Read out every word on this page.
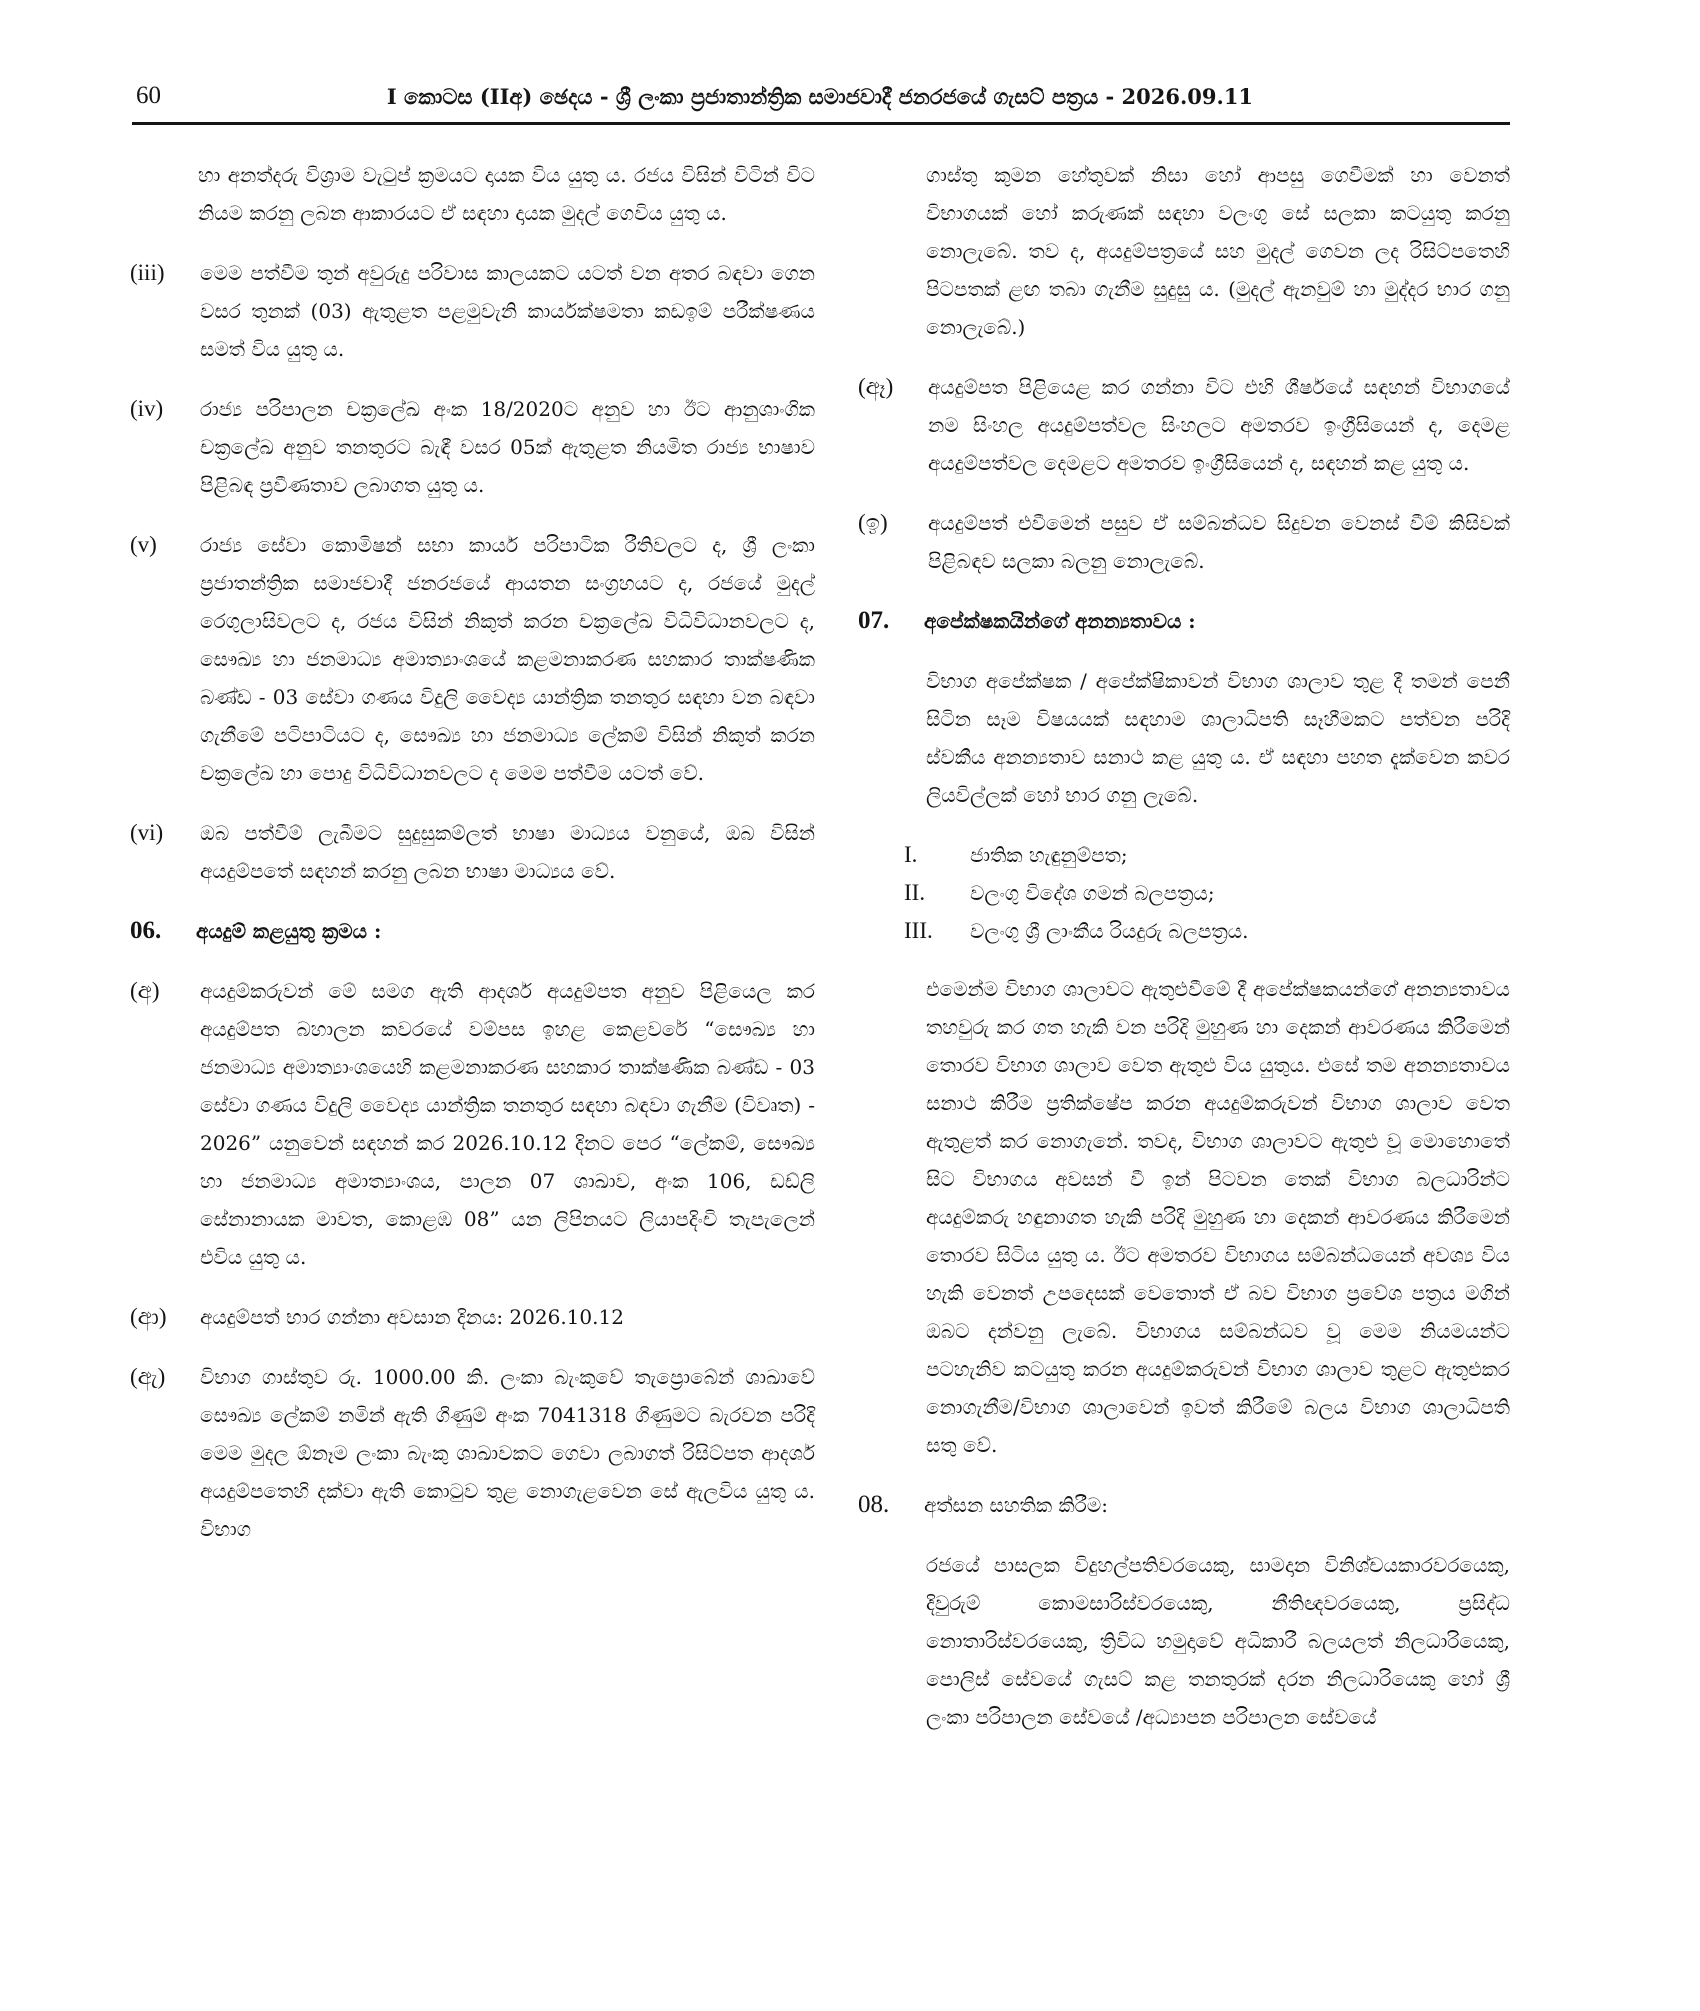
60	I කොටස (IIඅ) ඡෙදය - ශ්‍රී ලංකා ප්‍රජාතාන්ත්‍රික සමාජවාදී ජනරජයේ ගැසට් පත්‍රය - 2026.09.11

හා අනත්දරු විශ්‍රාම වැටුප් ක්‍රමයට දායක විය යුතු ය. රජය විසින් විටින් විට නියම කරනු ලබන ආකාරයට ඒ සඳහා දායක මුදල් ගෙවිය යුතු ය.

(iii)	මෙම පත්වීම තුන් අවුරුදු පරිවාස කාලයකට යටත් වන අතර බඳවා ගෙන වසර තුනක් (03) ඇතුළත පළමුවැනි කාර්යක්ෂමතා කඩඉම් පරීක්ෂණය සමත් විය යුතු ය.
(iv)	රාජ්‍ය පරිපාලන චක්‍රලේඛ අංක 18/2020ට අනුව හා ඊට ආනුශාංගික චක්‍රලේඛ අනුව තනතුරට බැඳී වසර 05ක් ඇතුළත නියමිත රාජ්‍ය භාෂාව පිළිබඳ ප්‍රවීණතාව ලබාගත යුතු ය.
(v)	රාජ්‍ය සේවා කොමිෂන් සභා කාර්ය පරිපාටික රීතිවලට ද, ශ්‍රී ලංකා ප්‍රජාතන්ත්‍රික සමාජවාදී ජනරජයේ ආයතන සංග්‍රහයට ද, රජයේ මුදල් රෙගුලාසිවලට ද, රජය විසින් නිකුත් කරන චක්‍රලේඛ විධිවිධානවලට ද, සෞඛ්‍ය හා ජනමාධ්‍ය අමාත්‍යාංශයේ කළමනාකරණ සහකාර තාක්ෂණික බණ්ඩ - 03 සේවා ගණය විදුලි වෛද්‍ය යාන්ත්‍රික තනතුර සඳහා වන බඳවා ගැනීමේ පටිපාටියට ද, සෞඛ්‍ය හා ජනමාධ්‍ය ලේකම් විසින් නිකුත් කරන චක්‍රලේඛ හා පොදු විධිවිධානවලට ද මෙම පත්වීම යටත් වේ.
(vi)	ඔබ පත්වීම් ලැබීමට සුදුසුකම්ලත් භාෂා මාධ්‍යය වනුයේ, ඔබ විසින් අයදුම්පතේ සඳහන් කරනු ලබන භාෂා මාධ්‍යය වේ.
06.	අයදුම් කළයුතු ක්‍රමය :
(අ)	අයදුම්කරුවන් මේ සමග ඇති ආදර්ශ අයදුම්පත අනුව පිළියෙල කර අයදුම්පත බහාලන කවරයේ වම්පස ඉහළ කෙළවරේ “සෞඛ්‍ය හා ජනමාධ්‍ය අමාත්‍යාංශයෙහි කළමනාකරණ සහකාර තාක්ෂණික බණ්ඩ - 03 සේවා ගණය විදුලි වෛද්‍ය යාන්ත්‍රික තනතුර සඳහා බඳවා ගැනීම (විවෘත) - 2026” යනුවෙන් සඳහන් කර 2026.10.12 දිනට පෙර “ලේකම්, සෞඛ්‍ය හා ජනමාධ්‍ය අමාත්‍යාංශය, පාලන 07 ශාඛාව, අංක 106, ඩඩ්ලි සේනානායක මාවත, කොළඹ 08” යන ලිපිනයට ලියාපදිංචි තැපැලෙන් එවිය යුතු ය.
(ආ)	අයදුම්පත් භාර ගන්නා අවසාන දිනය: 2026.10.12
(ඇ)	විභාග ගාස්තුව රු. 1000.00 කි. ලංකා බැංකුවේ තැප්‍රොබේන් ශාඛාවේ සෞඛ්‍ය ලේකම් නමින් ඇති ගිණුම් අංක 7041318 ගිණුමට බැරවන පරිදි මෙම මුදල ඕනෑම ලංකා බැංකු ශාඛාවකට ගෙවා ලබාගත් රිසිට්පත ආදර්ශ අයදුම්පතෙහි දක්වා ඇති කොටුව තුළ නොගැළවෙන සේ ඇලවිය යුතු ය. විභාග

ගාස්තු කුමන හේතුවක් නිසා හෝ ආපසු ගෙවීමක් හා වෙනත් විභාගයක් හෝ කරුණක් සඳහා වලංගු සේ සලකා කටයුතු කරනු නොලැබේ. තව ද, අයදුම්පත්‍රයේ සහ මුදල් ගෙවන ලද රිසිට්පතෙහි පිටපතක් ළඟ තබා ගැනීම සුදුසු ය. (මුදල් ඇනවුම් හා මුද්දර භාර ගනු නොලැබේ.)

(ඈ)	අයදුම්පත පිළියෙළ කර ගන්නා විට එහි ශීර්ෂයේ සඳහන් විභාගයේ නම සිංහල අයදුම්පත්වල සිංහලට අමතරව ඉංග්‍රීසියෙන් ද, දෙමළ අයදුම්පත්වල දෙමළට අමතරව ඉංග්‍රීසියෙන් ද, සඳහන් කළ යුතු ය.
(ඉ)	අයදුම්පත් එවීමෙන් පසුව ඒ සම්බන්ධව සිදුවන වෙනස් වීම් කිසිවක් පිළිබඳව සලකා බලනු නොලැබේ.
07.	අපේක්ෂකයින්ගේ අනන්‍යතාවය :

විභාග අපේක්ෂක / අපේක්ෂිකාවන් විභාග ශාලාව තුළ දී තමන් පෙනී සිටින සෑම විෂයයක් සඳහාම ශාලාධිපති සෑහීමකට පත්වන පරිදි ස්වකීය අනන්‍යතාව සනාථ කළ යුතු ය. ඒ සඳහා පහත දැක්වෙන කවර ලියවිල්ලක් හෝ භාර ගනු ලැබේ.

I.	ජාතික හැඳුනුම්පත;
II.	වලංගු විදේශ ගමන් බලපත්‍රය;
III.	වලංගු ශ්‍රී ලාංකීය රියදුරු බලපත්‍රය.

එමෙන්ම විභාග ශාලාවට ඇතුළුවීමේ දී අපේක්ෂකයන්ගේ අනන්‍යතාවය තහවුරු කර ගත හැකි වන පරිදි මුහුණ හා දෙකන් ආවරණය කිරීමෙන් තොරව විභාග ශාලාව වෙත ඇතුළු විය යුතුය. එසේ තම අනන්‍යතාවය සනාථ කිරීම ප්‍රතික්ෂේප කරන අයදුම්කරුවන් විභාග ශාලාව වෙත ඇතුළත් කර නොගැනේ. තවද, විභාග ශාලාවට ඇතුළු වූ මොහොතේ සිට විභාගය අවසන් වී ඉන් පිටවන තෙක් විභාග බලධාරින්ට අයදුම්කරු හඳුනාගත හැකි පරිදි මුහුණ හා දෙකන් ආවරණය කිරීමෙන් තොරව සිටිය යුතු ය. ඊට අමතරව විභාගය සම්බන්ධයෙන් අවශ්‍ය විය හැකි වෙනත් උපදෙසක් වෙතොත් ඒ බව විභාග ප්‍රවේශ පත්‍රය මගින් ඔබට දන්වනු ලැබේ. විභාගය සම්බන්ධව වූ මෙම නියමයන්ට පටහැනිව කටයුතු කරන අයදුම්කරුවන් විභාග ශාලාව තුළට ඇතුළුකර නොගැනීම/විභාග ශාලාවෙන් ඉවත් කිරීමේ බලය විභාග ශාලාධිපති සතු වේ.

08.	අත්සන සහතික කිරීම:

රජයේ පාසලක විදුහල්පතිවරයෙකු, සාමදාන විනිශ්චයකාරවරයෙකු, දිවුරුම් කොමසාරිස්වරයෙකු, නීතිඥවරයෙකු, ප්‍රසිද්ධ නොතාරිස්වරයෙකු, ත්‍රිවිධ හමුදාවේ අධිකාරී බලයලත් නිලධාරියෙකු, පොලිස් සේවයේ ගැසට් කළ තනතුරක් දරන නිලධාරියෙකු හෝ ශ්‍රී ලංකා පරිපාලන සේවයේ /අධ්‍යාපන පරිපාලන සේවයේ
